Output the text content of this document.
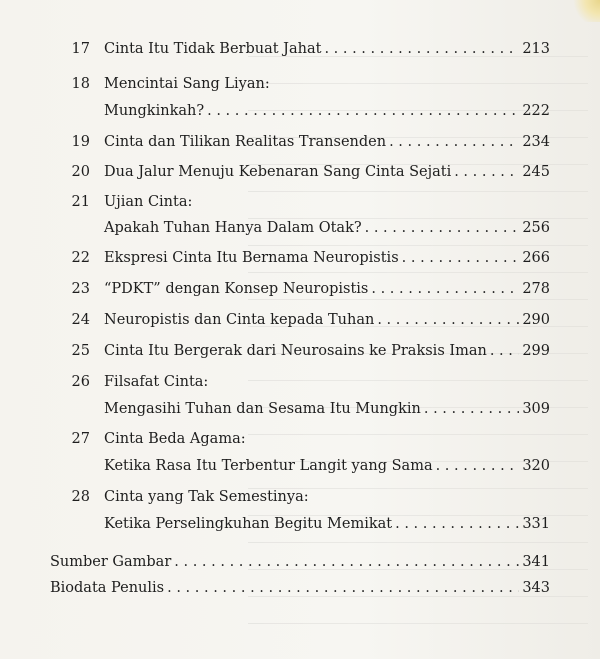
17 Cinta Itu Tidak Berbuat Jahat . . .	213
18 Mencintai Sang Liyan:
Mungkinkah? . . .	222
19 Cinta dan Tilikan Realitas Transenden . . .	234
20 Dua Jalur Menuju Kebenaran Sang Cinta Sejati . . .	245
21 Ujian Cinta:
Apakah Tuhan Hanya Dalam Otak? . . .	256
22 Ekspresi Cinta Itu Bernama Neuropistis . . .	266
23 “PDKT” dengan Konsep Neuropistis . . .	278
24 Neuropistis dan Cinta kepada Tuhan . . .	290
25 Cinta Itu Bergerak dari Neurosains ke Praksis Iman . . . 299
26 Filsafat Cinta:
Mengasihi Tuhan dan Sesama Itu Mungkin . . .	309
27 Cinta Beda Agama:
Ketika Rasa Itu Terbentur Langit yang Sama . . .	320
28 Cinta yang Tak Semestinya:
Ketika Perselingkuhan Begitu Memikat . . .	331
Sumber Gambar . . .	341
Biodata Penulis . . .	343
